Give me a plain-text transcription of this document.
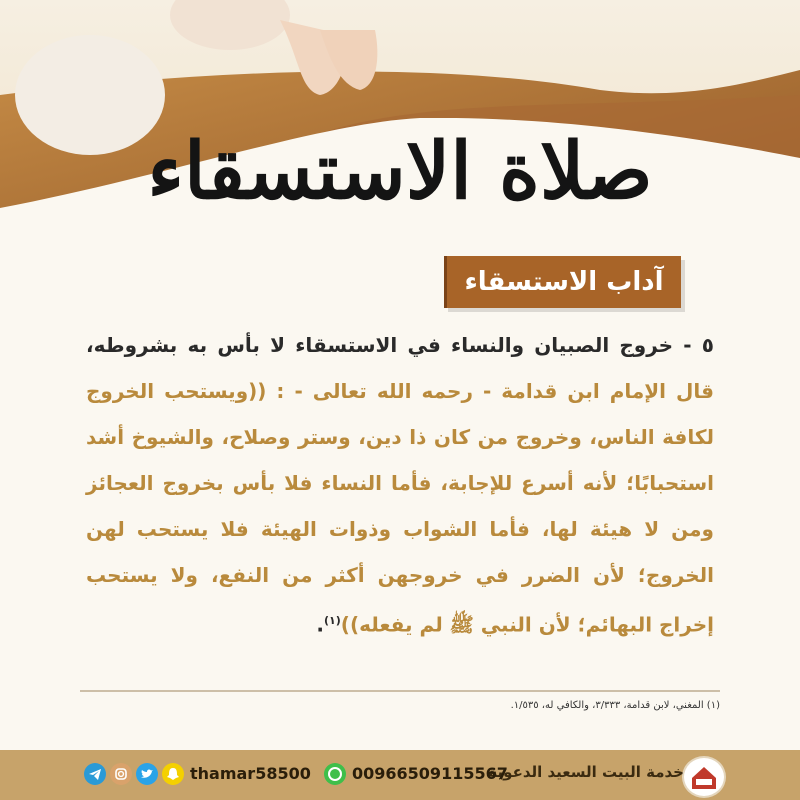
صلاة الاستسقاء
آداب الاستسقاء
٥ - خروج الصبيان والنساء في الاستسقاء لا بأس به بشروطه، قال الإمام ابن قدامة - رحمه الله تعالى - : ((ويستحب الخروج لكافة الناس، وخروج من كان ذا دين، وستر وصلاح، والشيوخ أشد استحبابًا؛ لأنه أسرع للإجابة، فأما النساء فلا بأس بخروج العجائز ومن لا هيئة لها، فأما الشواب وذوات الهيئة فلا يستحب لهن الخروج؛ لأن الضرر في خروجهن أكثر من النفع، ولا يستحب إخراج البهائم؛ لأن النبي ﷺ لم يفعله))$^{(١)}$.
(١) المغني، لابن قدامة، ٣/٣٣٣، والكافي له، ١/٥٣٥.
خدمة البيت السعيد الدعوية
00966509115567
thamar58500
